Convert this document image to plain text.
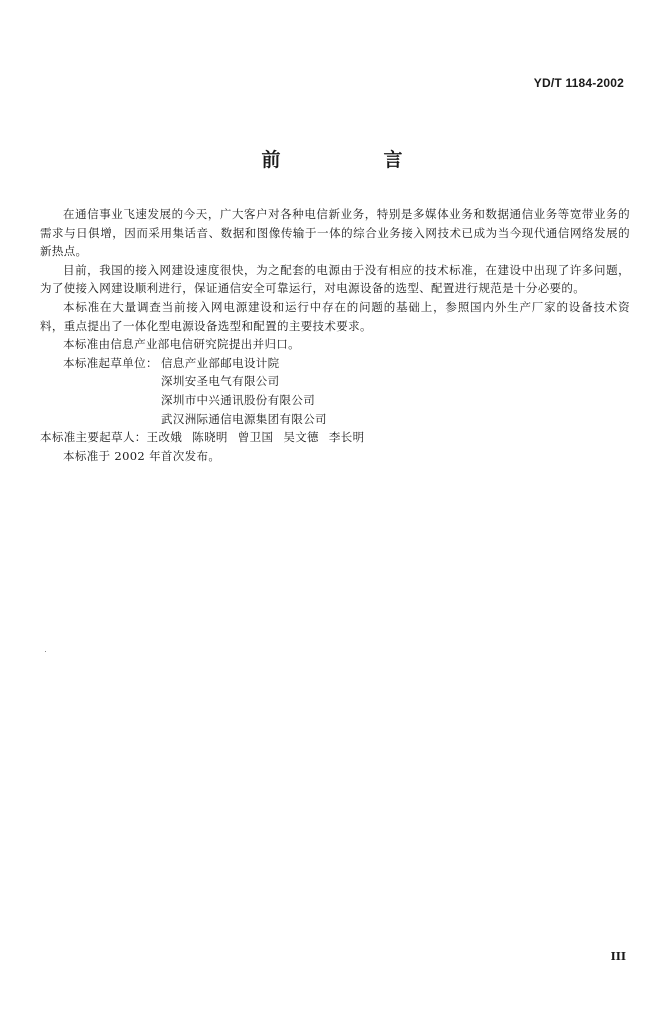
YD/T 1184-2002
前　言

在通信事业飞速发展的今天，广大客户对各种电信新业务，特别是多媒体业务和数据通信业务等宽带业务的需求与日俱增，因而采用集话音、数据和图像传输于一体的综合业务接入网技术已成为当今现代通信网络发展的新热点。

目前，我国的接入网建设速度很快，为之配套的电源由于没有相应的技术标准，在建设中出现了许多问题，为了使接入网建设顺利进行，保证通信安全可靠运行，对电源设备的选型、配置进行规范是十分必要的。

本标准在大量调查当前接入网电源建设和运行中存在的问题的基础上，参照国内外生产厂家的设备技术资料，重点提出了一体化型电源设备选型和配置的主要技术要求。

本标准由信息产业部电信研究院提出并归口。

本标准起草单位： 信息产业部邮电设计院
深圳安圣电气有限公司
深圳市中兴通讯股份有限公司
武汉洲际通信电源集团有限公司

本标准主要起草人：王改娥 陈晓明 曾卫国 吴文德 李长明

本标准于 2002 年首次发布。

III
